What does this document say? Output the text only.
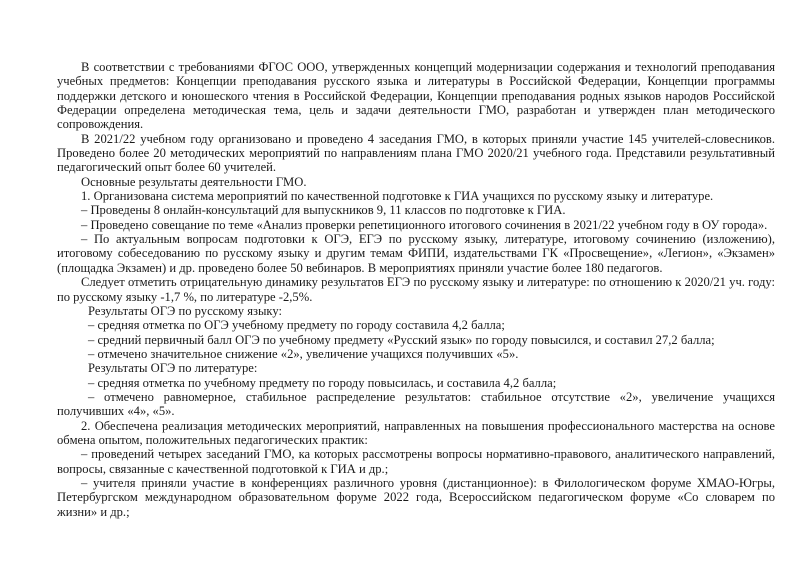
В соответствии с требованиями ФГОС ООО, утвержденных концепций модернизации содержания и технологий преподавания учебных предметов: Концепции преподавания русского языка и литературы в Российской Федерации, Концепции программы поддержки детского и юношеского чтения в Российской Федерации, Концепции преподавания родных языков народов Российской Федерации определена методическая тема, цель и задачи деятельности ГМО, разработан и утвержден план методического сопровождения.

В 2021/22 учебном году организовано и проведено 4 заседания ГМО, в которых приняли участие 145 учителей-словесников. Проведено более 20 методических мероприятий по направлениям плана ГМО 2020/21 учебного года. Представили результативный педагогический опыт более 60 учителей.

Основные результаты деятельности ГМО.

1. Организована система мероприятий по качественной подготовке к ГИА учащихся по русскому языку и литературе.

– Проведены 8 онлайн-консультаций для выпускников 9, 11 классов по подготовке к ГИА.

– Проведено совещание по теме «Анализ проверки репетиционного итогового сочинения в 2021/22 учебном году в ОУ города».

– По актуальным вопросам подготовки к ОГЭ, ЕГЭ по русскому языку, литературе, итоговому сочинению (изложению), итоговому собеседованию по русскому языку и другим темам ФИПИ, издательствами ГК «Просвещение», «Легион», «Экзамен» (площадка Экзамен) и др. проведено более 50 вебинаров. В мероприятиях приняли участие более 180 педагогов.

Следует отметить отрицательную динамику результатов ЕГЭ по русскому языку и литературе: по отношению к 2020/21 уч. году: по русскому языку -1,7 %, по литературе -2,5%.

Результаты ОГЭ по русскому языку:

– средняя отметка по ОГЭ учебному предмету по городу составила 4,2 балла;

– средний первичный балл ОГЭ по учебному предмету «Русский язык» по городу повысился, и составил 27,2 балла;

– отмечено значительное снижение «2», увеличение учащихся получивших «5».

Результаты ОГЭ по литературе:

– средняя отметка по учебному предмету по городу повысилась, и составила 4,2 балла;

– отмечено равномерное, стабильное распределение результатов: стабильное отсутствие «2», увеличение учащихся получивших «4», «5».

2. Обеспечена реализация методических мероприятий, направленных на повышения профессионального мастерства на основе обмена опытом, положительных педагогических практик:

– проведений четырех заседаний ГМО, ка которых рассмотрены вопросы нормативно-правового, аналитического направлений, вопросы, связанные с качественной подготовкой к ГИА и др.;

– учителя приняли участие в конференциях различного уровня (дистанционное): в Филологическом форуме ХМАО-Югры, Петербургском международном образовательном форуме 2022 года, Всероссийском педагогическом форуме «Со словарем по жизни» и др.;
